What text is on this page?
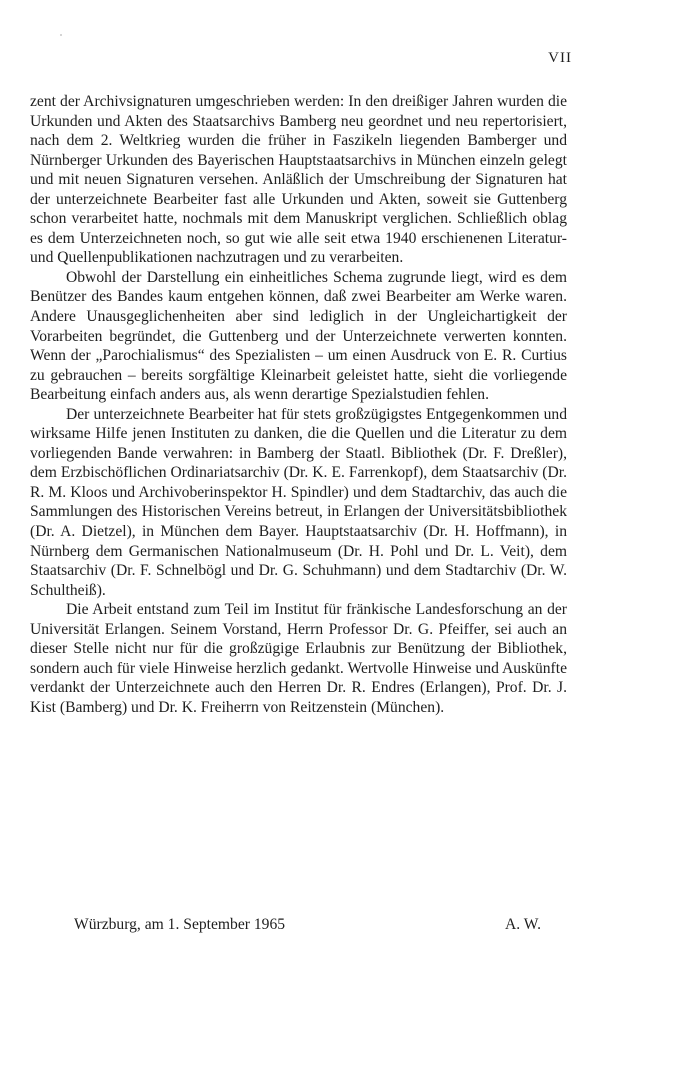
VII

zent der Archivsignaturen umgeschrieben werden: In den dreißiger Jahren wurden die Urkunden und Akten des Staatsarchivs Bamberg neu geordnet und neu repertorisiert, nach dem 2. Weltkrieg wurden die früher in Faszikeln liegenden Bamberger und Nürnberger Urkunden des Bayerischen Hauptstaatsarchivs in München einzeln gelegt und mit neuen Signaturen versehen. Anläßlich der Umschreibung der Signaturen hat der unterzeichnete Bearbeiter fast alle Urkunden und Akten, soweit sie Guttenberg schon verarbeitet hatte, nochmals mit dem Manuskript verglichen. Schließlich oblag es dem Unterzeichneten noch, so gut wie alle seit etwa 1940 erschienenen Literatur- und Quellenpublikationen nachzutragen und zu verarbeiten.

Obwohl der Darstellung ein einheitliches Schema zugrunde liegt, wird es dem Benützer des Bandes kaum entgehen können, daß zwei Bearbeiter am Werke waren. Andere Unausgeglichenheiten aber sind lediglich in der Ungleichartigkeit der Vorarbeiten begründet, die Guttenberg und der Unterzeichnete verwerten konnten. Wenn der „Parochialismus“ des Spezialisten – um einen Ausdruck von E. R. Curtius zu gebrauchen – bereits sorgfältige Kleinarbeit geleistet hatte, sieht die vorliegende Bearbeitung einfach anders aus, als wenn derartige Spezialstudien fehlen.

Der unterzeichnete Bearbeiter hat für stets großzügigstes Entgegenkommen und wirksame Hilfe jenen Instituten zu danken, die die Quellen und die Literatur zu dem vorliegenden Bande verwahren: in Bamberg der Staatl. Bibliothek (Dr. F. Dreßler), dem Erzbischöflichen Ordinariatsarchiv (Dr. K. E. Farrenkopf), dem Staatsarchiv (Dr. R. M. Kloos und Archivoberinspektor H. Spindler) und dem Stadtarchiv, das auch die Sammlungen des Historischen Vereins betreut, in Erlangen der Universitätsbibliothek (Dr. A. Dietzel), in München dem Bayer. Hauptstaatsarchiv (Dr. H. Hoffmann), in Nürnberg dem Germanischen Nationalmuseum (Dr. H. Pohl und Dr. L. Veit), dem Staatsarchiv (Dr. F. Schnelbögl und Dr. G. Schuhmann) und dem Stadtarchiv (Dr. W. Schultheiß).

Die Arbeit entstand zum Teil im Institut für fränkische Landesforschung an der Universität Erlangen. Seinem Vorstand, Herrn Professor Dr. G. Pfeiffer, sei auch an dieser Stelle nicht nur für die großzügige Erlaubnis zur Benützung der Bibliothek, sondern auch für viele Hinweise herzlich gedankt. Wertvolle Hinweise und Auskünfte verdankt der Unterzeichnete auch den Herren Dr. R. Endres (Erlangen), Prof. Dr. J. Kist (Bamberg) und Dr. K. Freiherrn von Reitzenstein (München).

Würzburg, am 1. September 1965	A. W.
